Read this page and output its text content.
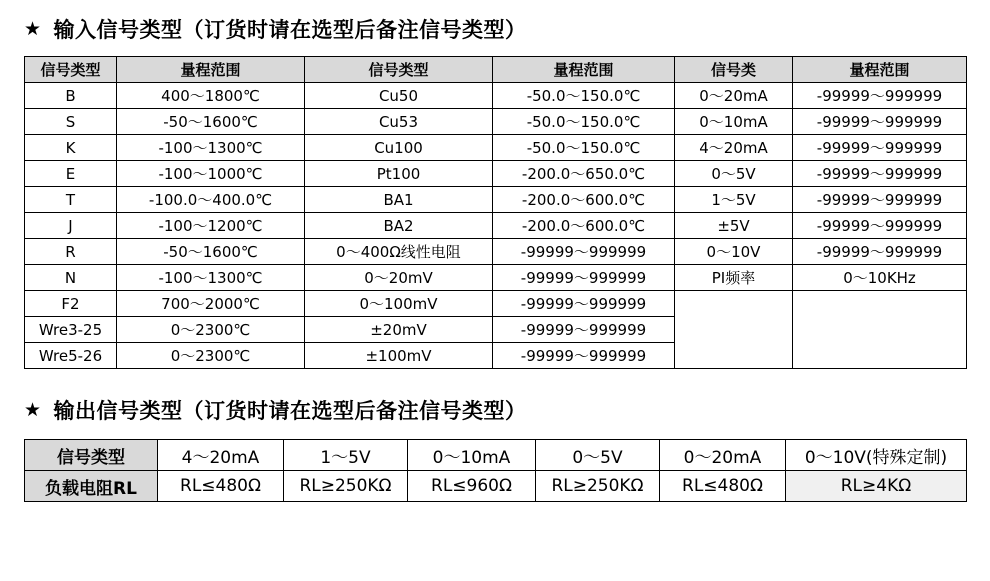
★ 输入信号类型（订货时请在选型后备注信号类型）
信号类型	量程范围	信号类型	量程范围	信号类	量程范围
B	400～1800℃	Cu50	-50.0～150.0℃	0～20mA	-99999～999999
S	-50～1600℃	Cu53	-50.0～150.0℃	0～10mA	-99999～999999
K	-100～1300℃	Cu100	-50.0～150.0℃	4～20mA	-99999～999999
E	-100～1000℃	Pt100	-200.0～650.0℃	0～5V	-99999～999999
T	-100.0～400.0℃	BA1	-200.0～600.0℃	1～5V	-99999～999999
J	-100～1200℃	BA2	-200.0～600.0℃	±5V	-99999～999999
R	-50～1600℃	0～400Ω线性电阻	-99999～999999	0～10V	-99999～999999
N	-100～1300℃	0～20mV	-99999～999999	PI频率	0～10KHz
F2	700～2000℃	0～100mV	-99999～999999		
Wre3-25	0～2300℃	±20mV	-99999～999999		
Wre5-26	0～2300℃	±100mV	-99999～999999		
★ 输出信号类型（订货时请在选型后备注信号类型）
信号类型	4～20mA	1～5V	0～10mA	0～5V	0～20mA	0～10V(特殊定制)
负载电阻RL	RL≤480Ω	RL≥250KΩ	RL≤960Ω	RL≥250KΩ	RL≤480Ω	RL≥4KΩ
